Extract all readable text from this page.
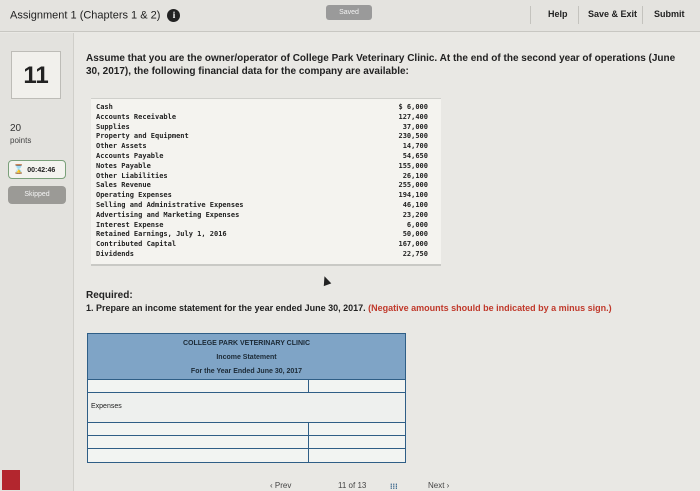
Assignment 1 (Chapters 1 & 2) i	Saved	Help Save & Exit Submit
11
20
points
⌛ 00:42:46
Skipped
Assume that you are the owner/operator of College Park Veterinary Clinic. At the end of the second year of operations (June 30, 2017), the following financial data for the company are available:
Cash	$ 6,000
Accounts Receivable	127,400
Supplies	37,000
Property and Equipment	230,500
Other Assets	14,700
Accounts Payable	54,650
Notes Payable	155,000
Other Liabilities	26,100
Sales Revenue	255,000
Operating Expenses	194,100
Selling and Administrative Expenses	46,100
Advertising and Marketing Expenses	23,200
Interest Expense	6,000
Retained Earnings, July 1, 2016	50,000
Contributed Capital	167,000
Dividends	22,750
Required:
1. Prepare an income statement for the year ended June 30, 2017. (Negative amounts should be indicated by a minus sign.)
COLLEGE PARK VETERINARY CLINIC
Income Statement
For the Year Ended June 30, 2017
Expenses
‹ Prev	11 of 13	⁝⁝⁝	Next ›
